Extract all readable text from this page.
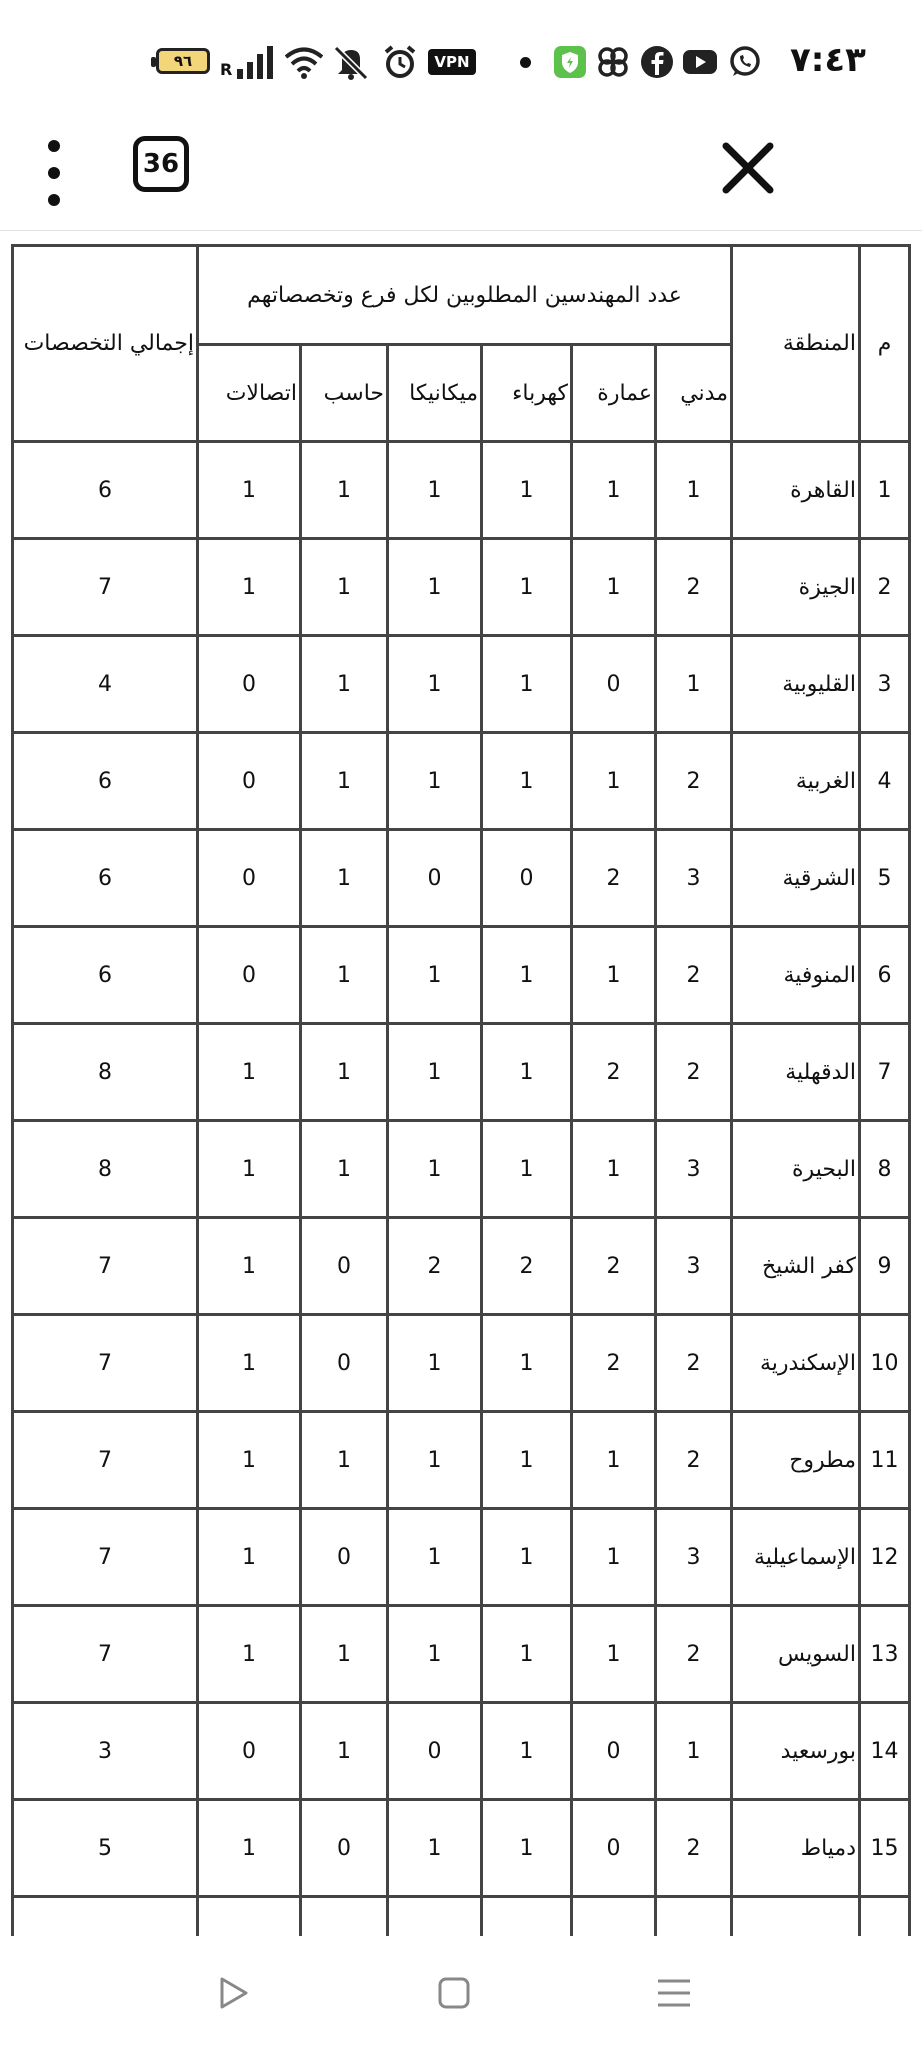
٩٦ R	VPN	٧:٤٣
36
م	المنطقة	عدد المهندسين المطلوبين لكل فرع وتخصصاتهم						إجمالي التخصصات
		مدني	عمارة	كهرباء	ميكانيكا	حاسب	اتصالات	
1	القاهرة	1	1	1	1	1	1	6
2	الجيزة	2	1	1	1	1	1	7
3	القليوبية	1	0	1	1	1	0	4
4	الغربية	2	1	1	1	1	0	6
5	الشرقية	3	2	0	0	1	0	6
6	المنوفية	2	1	1	1	1	0	6
7	الدقهلية	2	2	1	1	1	1	8
8	البحيرة	3	1	1	1	1	1	8
9	كفر الشيخ	3	2	2	2	0	1	7
10	الإسكندرية	2	2	1	1	0	1	7
11	مطروح	2	1	1	1	1	1	7
12	الإسماعيلية	3	1	1	1	0	1	7
13	السويس	2	1	1	1	1	1	7
14	بورسعيد	1	0	1	0	1	0	3
15	دمياط	2	0	1	1	0	1	5
